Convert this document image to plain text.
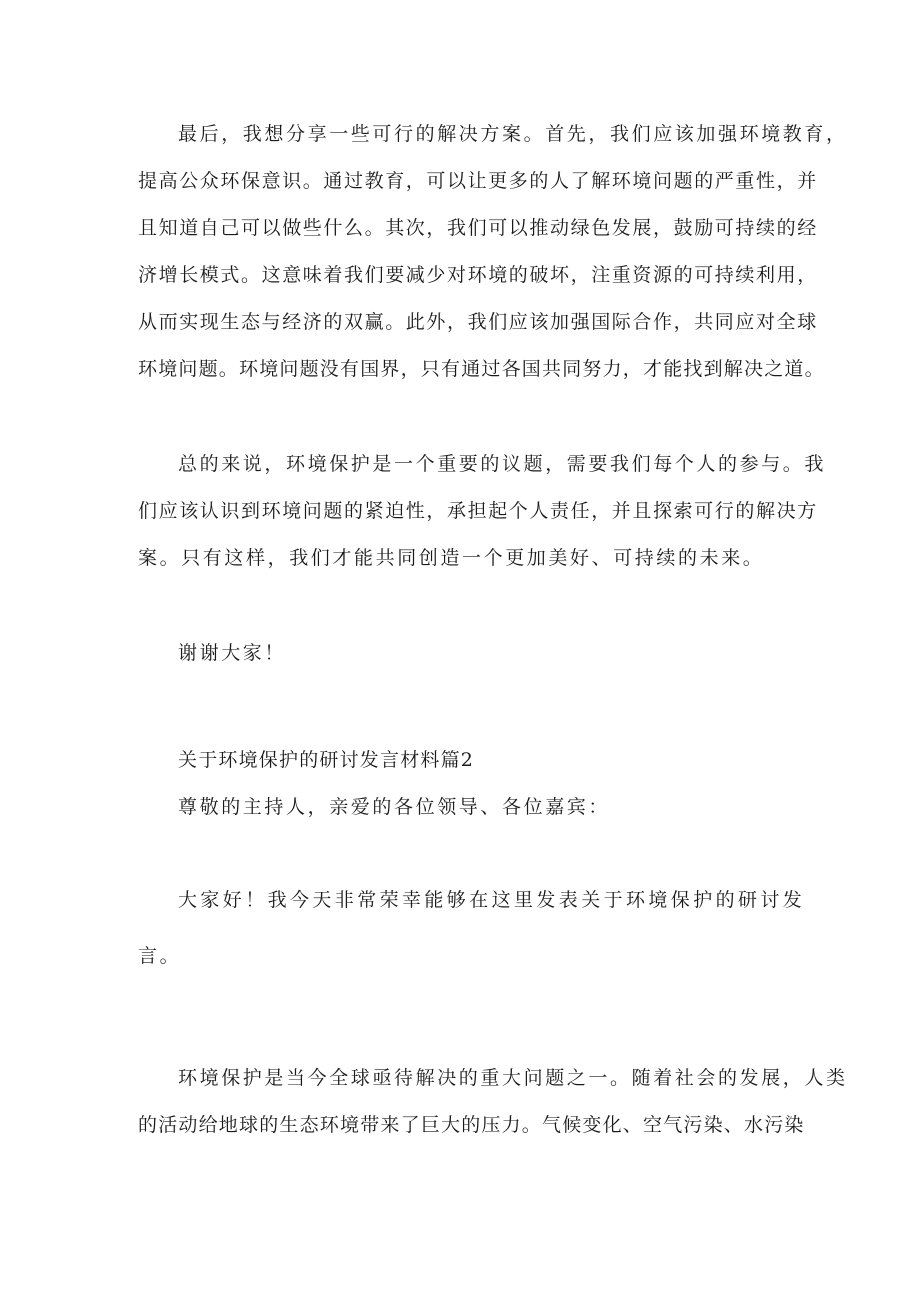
最后，我想分享一些可行的解决方案。首先，我们应该加强环境教育，
提高公众环保意识。通过教育，可以让更多的人了解环境问题的严重性，并
且知道自己可以做些什么。其次，我们可以推动绿色发展，鼓励可持续的经
济增长模式。这意味着我们要减少对环境的破坏，注重资源的可持续利用，
从而实现生态与经济的双赢。此外，我们应该加强国际合作，共同应对全球
环境问题。环境问题没有国界，只有通过各国共同努力，才能找到解决之道。
总的来说，环境保护是一个重要的议题，需要我们每个人的参与。我
们应该认识到环境问题的紧迫性，承担起个人责任，并且探索可行的解决方
案。只有这样，我们才能共同创造一个更加美好、可持续的未来。
谢谢大家！
关于环境保护的研讨发言材料篇2
尊敬的主持人，亲爱的各位领导、各位嘉宾：
大家好！我今天非常荣幸能够在这里发表关于环境保护的研讨发
言。
环境保护是当今全球亟待解决的重大问题之一。随着社会的发展，人类
的活动给地球的生态环境带来了巨大的压力。气候变化、空气污染、水污染
